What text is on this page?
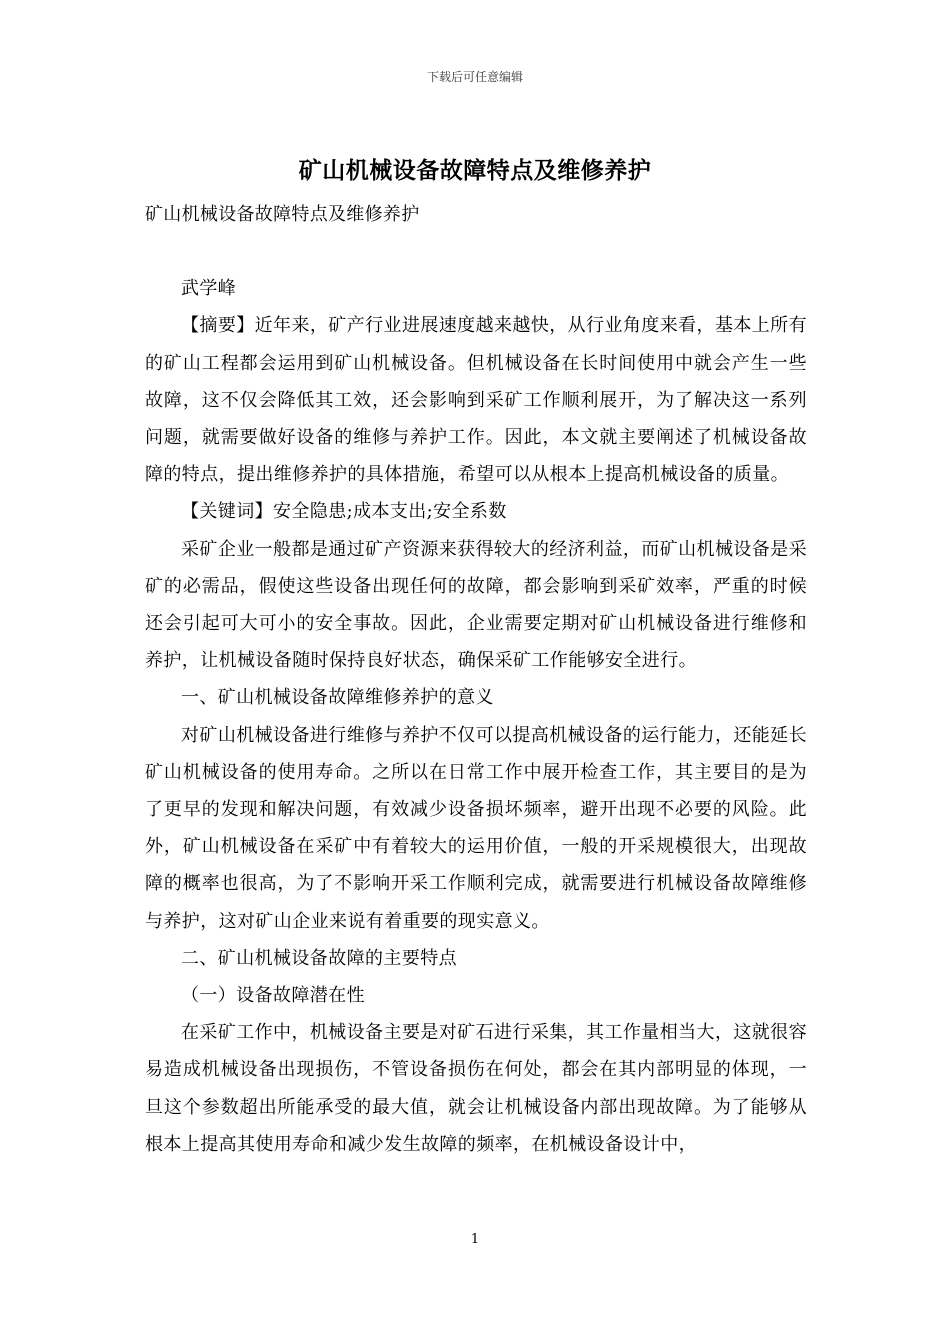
下载后可任意编辑
矿山机械设备故障特点及维修养护

矿山机械设备故障特点及维修养护

武学峰

【摘要】近年来，矿产行业进展速度越来越快，从行业角度来看，基本上所有的矿山工程都会运用到矿山机械设备。但机械设备在长时间使用中就会产生一些故障，这不仅会降低其工效，还会影响到采矿工作顺利展开，为了解决这一系列问题，就需要做好设备的维修与养护工作。因此，本文就主要阐述了机械设备故障的特点，提出维修养护的具体措施，希望可以从根本上提高机械设备的质量。

【关键词】安全隐患;成本支出;安全系数

采矿企业一般都是通过矿产资源来获得较大的经济利益，而矿山机械设备是采矿的必需品，假使这些设备出现任何的故障，都会影响到采矿效率，严重的时候还会引起可大可小的安全事故。因此，企业需要定期对矿山机械设备进行维修和养护，让机械设备随时保持良好状态，确保采矿工作能够安全进行。

一、矿山机械设备故障维修养护的意义

对矿山机械设备进行维修与养护不仅可以提高机械设备的运行能力，还能延长矿山机械设备的使用寿命。之所以在日常工作中展开检查工作，其主要目的是为了更早的发现和解决问题，有效减少设备损坏频率，避开出现不必要的风险。此外，矿山机械设备在采矿中有着较大的运用价值，一般的开采规模很大，出现故障的概率也很高，为了不影响开采工作顺利完成，就需要进行机械设备故障维修与养护，这对矿山企业来说有着重要的现实意义。

二、矿山机械设备故障的主要特点

（一）设备故障潜在性

在采矿工作中，机械设备主要是对矿石进行采集，其工作量相当大，这就很容易造成机械设备出现损伤，不管设备损伤在何处，都会在其内部明显的体现，一旦这个参数超出所能承受的最大值，就会让机械设备内部出现故障。为了能够从根本上提高其使用寿命和减少发生故障的频率，在机械设备设计中，

1
